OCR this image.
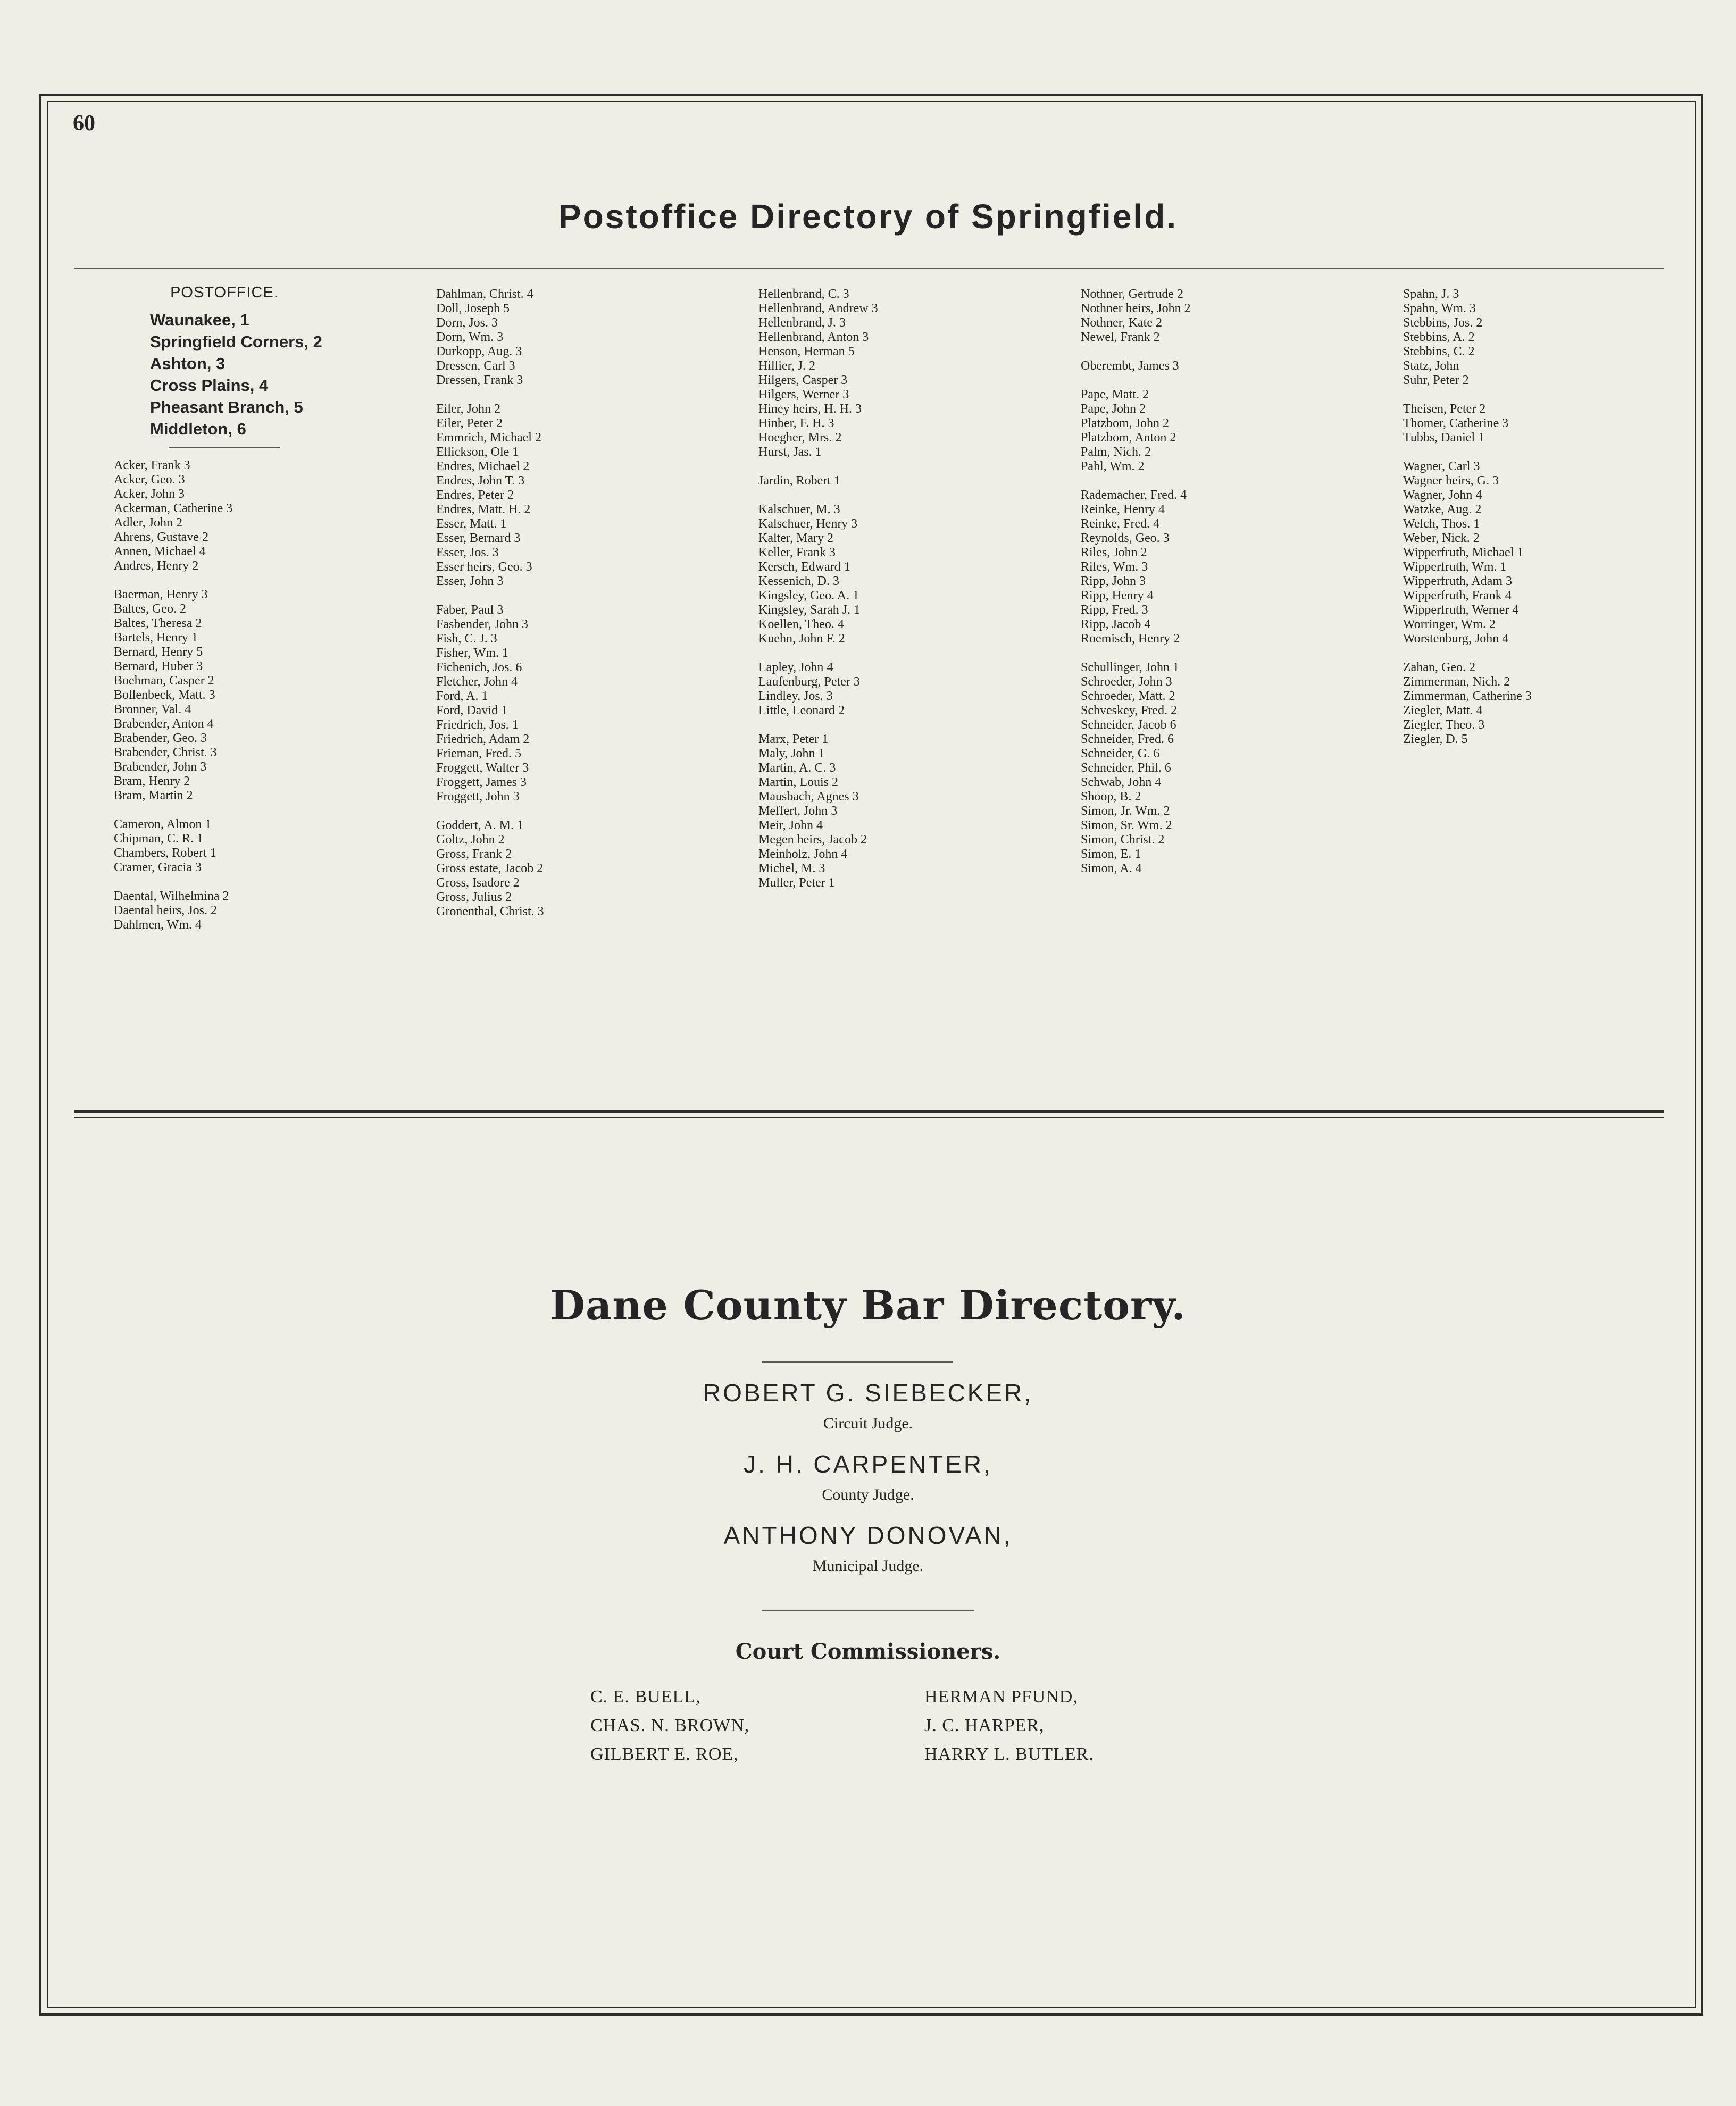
60
Postoffice Directory of Springfield.
POSTOFFICE.
Waunakee, 1
Springfield Corners, 2
Ashton, 3
Cross Plains, 4
Pheasant Branch, 5
Middleton, 6
Acker, Frank 3
Acker, Geo. 3
Acker, John 3
Ackerman, Catherine 3
Adler, John 2
Ahrens, Gustave 2
Annen, Michael 4
Andres, Henry 2
Baerman, Henry 3
Baltes, Geo. 2
Baltes, Theresa 2
Bartels, Henry 1
Bernard, Henry 5
Bernard, Huber 3
Boehman, Casper 2
Bollenbeck, Matt. 3
Bronner, Val. 4
Brabender, Anton 4
Brabender, Geo. 3
Brabender, Christ. 3
Brabender, John 3
Bram, Henry 2
Bram, Martin 2
Cameron, Almon 1
Chipman, C. R. 1
Chambers, Robert 1
Cramer, Gracia 3
Daental, Wilhelmina 2
Daental heirs, Jos. 2
Dahlmen, Wm. 4
Dahlman, Christ. 4
Doll, Joseph 5
Dorn, Jos. 3
Dorn, Wm. 3
Durkopp, Aug. 3
Dressen, Carl 3
Dressen, Frank 3
Eiler, John 2
Eiler, Peter 2
Emmrich, Michael 2
Ellickson, Ole 1
Endres, Michael 2
Endres, John T. 3
Endres, Peter 2
Endres, Matt. H. 2
Esser, Matt. 1
Esser, Bernard 3
Esser, Jos. 3
Esser heirs, Geo. 3
Esser, John 3
Faber, Paul 3
Fasbender, John 3
Fish, C. J. 3
Fisher, Wm. 1
Fichenich, Jos. 6
Fletcher, John 4
Ford, A. 1
Ford, David 1
Friedrich, Jos. 1
Friedrich, Adam 2
Frieman, Fred. 5
Froggett, Walter 3
Froggett, James 3
Froggett, John 3
Goddert, A. M. 1
Goltz, John 2
Gross, Frank 2
Gross estate, Jacob 2
Gross, Isadore 2
Gross, Julius 2
Gronenthal, Christ. 3
Hellenbrand, C. 3
Hellenbrand, Andrew 3
Hellenbrand, J. 3
Hellenbrand, Anton 3
Henson, Herman 5
Hillier, J. 2
Hilgers, Casper 3
Hilgers, Werner 3
Hiney heirs, H. H. 3
Hinber, F. H. 3
Hoegher, Mrs. 2
Hurst, Jas. 1
Jardin, Robert 1
Kalschuer, M. 3
Kalschuer, Henry 3
Kalter, Mary 2
Keller, Frank 3
Kersch, Edward 1
Kessenich, D. 3
Kingsley, Geo. A. 1
Kingsley, Sarah J. 1
Koellen, Theo. 4
Kuehn, John F. 2
Lapley, John 4
Laufenburg, Peter 3
Lindley, Jos. 3
Little, Leonard 2
Marx, Peter 1
Maly, John 1
Martin, A. C. 3
Martin, Louis 2
Mausbach, Agnes 3
Meffert, John 3
Meir, John 4
Megen heirs, Jacob 2
Meinholz, John 4
Michel, M. 3
Muller, Peter 1
Nothner, Gertrude 2
Nothner heirs, John 2
Nothner, Kate 2
Newel, Frank 2
Oberembt, James 3
Pape, Matt. 2
Pape, John 2
Platzbom, John 2
Platzbom, Anton 2
Palm, Nich. 2
Pahl, Wm. 2
Rademacher, Fred. 4
Reinke, Henry 4
Reinke, Fred. 4
Reynolds, Geo. 3
Riles, John 2
Riles, Wm. 3
Ripp, John 3
Ripp, Henry 4
Ripp, Fred. 3
Ripp, Jacob 4
Roemisch, Henry 2
Schullinger, John 1
Schroeder, John 3
Schroeder, Matt. 2
Schveskey, Fred. 2
Schneider, Jacob 6
Schneider, Fred. 6
Schneider, G. 6
Schneider, Phil. 6
Schwab, John 4
Shoop, B. 2
Simon, Jr. Wm. 2
Simon, Sr. Wm. 2
Simon, Christ. 2
Simon, E. 1
Simon, A. 4
Spahn, J. 3
Spahn, Wm. 3
Stebbins, Jos. 2
Stebbins, A. 2
Stebbins, C. 2
Statz, John
Suhr, Peter 2
Theisen, Peter 2
Thomer, Catherine 3
Tubbs, Daniel 1
Wagner, Carl 3
Wagner heirs, G. 3
Wagner, John 4
Watzke, Aug. 2
Welch, Thos. 1
Weber, Nick. 2
Wipperfruth, Michael 1
Wipperfruth, Wm. 1
Wipperfruth, Adam 3
Wipperfruth, Frank 4
Wipperfruth, Werner 4
Worringer, Wm. 2
Worstenburg, John 4
Zahan, Geo. 2
Zimmerman, Nich. 2
Zimmerman, Catherine 3
Ziegler, Matt. 4
Ziegler, Theo. 3
Ziegler, D. 5
Dane County Bar Directory.
ROBERT G. SIEBECKER,
Circuit Judge.
J. H. CARPENTER,
County Judge.
ANTHONY DONOVAN,
Municipal Judge.
Court Commissioners.
C. E. BUELL,
CHAS. N. BROWN,
GILBERT E. ROE,
HERMAN PFUND,
J. C. HARPER,
HARRY L. BUTLER.
